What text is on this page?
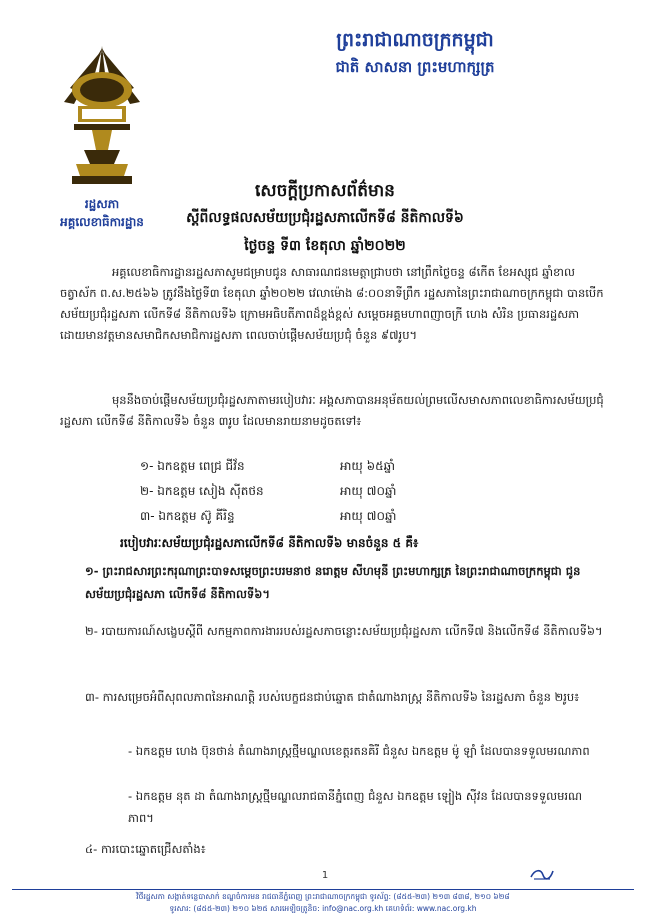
ព្រះរាជាណាចក្រកម្ពុជា
ជាតិ សាសនា ព្រះមហាក្សត្រ
រដ្ឋសភា
អគ្គលេខាធិការដ្ឋាន
សេចក្តីប្រកាសព័ត៌មាន
ស្តីពីលទ្ធផលសម័យប្រជុំរដ្ឋសភាលើកទី៨ នីតិកាលទី៦
ថ្ងៃចន្ទ ទី៣ ខែតុលា ឆ្នាំ២០២២
អគ្គលេខាធិការដ្ឋានរដ្ឋសភាសូមជម្រាបជូន សាធារណជនមេត្តាជ្រាបថា នៅព្រឹកថ្ងៃចន្ទ ៨កើត ខែអស្សុជ ឆ្នាំខាល ចត្វាស័ក ព.ស.២៥៦៦ ត្រូវនឹងថ្ងៃទី៣ ខែតុលា ឆ្នាំ២០២២ វេលាម៉ោង ៨:០០នាទីព្រឹក រដ្ឋសភានៃព្រះរាជាណាចក្រកម្ពុជា បានបើកសម័យប្រជុំរដ្ឋសភា លើកទី៨ នីតិកាលទី៦ ក្រោមអធិបតីភាពដ៏ខ្ពង់ខ្ពស់ សម្តេចអគ្គមហាពញាចក្រី ហេង សំរិន ប្រធានរដ្ឋសភា ដោយមានវត្តមានសមាជិកសមាជិការដ្ឋសភា ពេលចាប់ផ្តើមសម័យប្រជុំ ចំនួន ៩៧រូប។
មុននឹងចាប់ផ្តើមសម័យប្រជុំរដ្ឋសភាតាមរបៀបវារៈ អង្គសភាបានអនុម័តយល់ព្រមលើសមាសភាពលេខាធិការសម័យប្រជុំរដ្ឋសភា លើកទី៨ នីតិកាលទី៦ ចំនួន ៣រូប ដែលមានរាយនាមដូចតទៅ៖
១- ឯកឧត្តម ពេជ្រ ជីវ័ន	អាយុ ៦៥ឆ្នាំ
២- ឯកឧត្តម សៀង ស៊ីតថន	អាយុ ៧០ឆ្នាំ
៣- ឯកឧត្តម ស៊ូ គីរិន្ទ	អាយុ ៧០ឆ្នាំ
របៀបវារៈសម័យប្រជុំរដ្ឋសភាលើកទី៨ នីតិកាលទី៦ មានចំនួន ៥ គឺ៖
១- ព្រះរាជសារព្រះករុណាព្រះបាទសម្តេចព្រះបរមនាថ នរោត្តម សីហមុនី ព្រះមហាក្សត្រ នៃព្រះរាជាណាចក្រកម្ពុជា ជូនសម័យប្រជុំរដ្ឋសភា លើកទី៨ នីតិកាលទី៦។
២- របាយការណ៍សង្ខេបស្តីពី សកម្មភាពការងាររបស់រដ្ឋសភាចន្លោះសម័យប្រជុំរដ្ឋសភា លើកទី៧ និងលើកទី៨ នីតិកាលទី៦។
៣- ការសម្រេចអំពីសុពលភាពនៃអាណត្តិ របស់បេក្ខជនជាប់ឆ្នោត ជាតំណាងរាស្ត្រ នីតិកាលទី៦ នៃរដ្ឋសភា ចំនួន ២រូប៖
- ឯកឧត្តម ហេង ប៊ុនថាន់ តំណាងរាស្ត្រថ្មីមណ្ឌលខេត្តរតនគិរី ជំនួស ឯកឧត្តម ម៉ូ ឡាំ ដែលបានទទួលមរណភាព
- ឯកឧត្តម នុត ដា តំណាងរាស្ត្រថ្មីមណ្ឌលរាជធានីភ្នំពេញ ជំនួស ឯកឧត្តម ឡៀង ស៊ីវន ដែលបានទទួលមរណភាព។
៤- ការបោះឆ្នោតជ្រើសតាំង៖
1
វិថីរដ្ឋសភា សង្កាត់ទន្លេបាសាក់ ខណ្ឌចំការមន រាជធានីភ្នំពេញ ព្រះរាជាណាចក្រកម្ពុជា ទូរស័ព្ទ: (៨៥៥-២៣) ២១៣ ៨៣៨, ២១០ ៦២៨
ទូរសារ: (៨៥៥-២៣) ២១០ ៦២៥ សារអេឡិចត្រូនិច: info@nac.org.kh គេហទំព័រ: www.nac.org.kh
